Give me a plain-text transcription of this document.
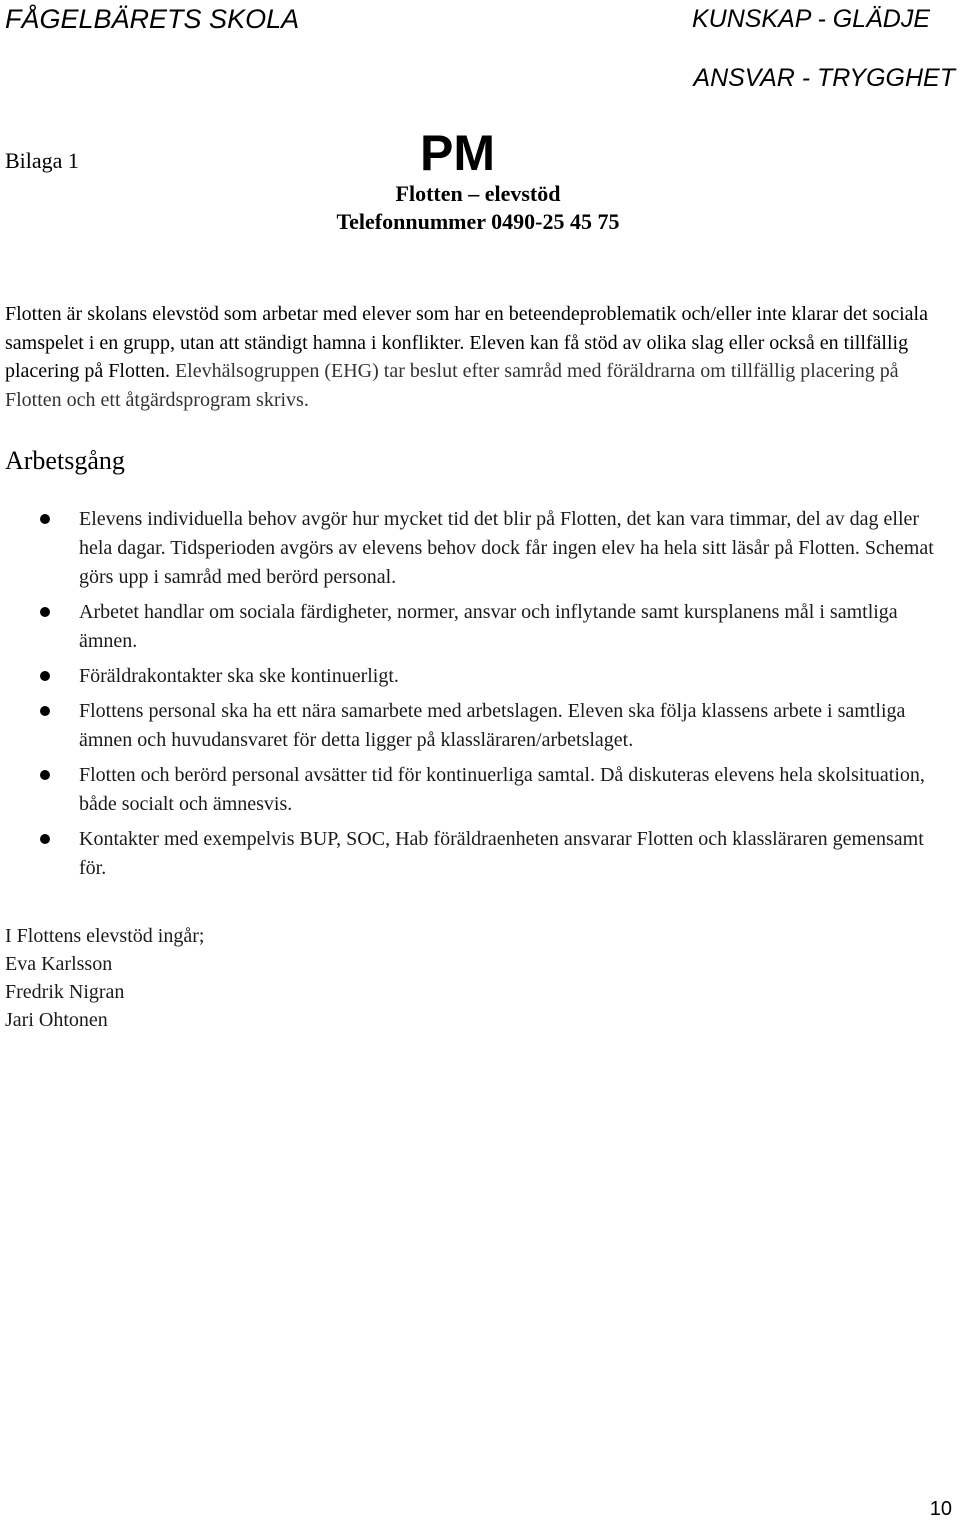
FÅGELBÄRETS SKOLA	KUNSKAP - GLÄDJE
ANSVAR - TRYGGHET
Bilaga 1	PM
Flotten – elevstöd
Telefonnummer 0490-25 45 75
Flotten är skolans elevstöd som arbetar med elever som har en beteendeproblematik och/eller inte klarar det sociala samspelet i en grupp, utan att ständigt hamna i konflikter. Eleven kan få stöd av olika slag eller också en tillfällig placering på Flotten. Elevhälsogruppen (EHG) tar beslut efter samråd med föräldrarna om tillfällig placering på Flotten och ett åtgärdsprogram skrivs.
Arbetsgång
Elevens individuella behov avgör hur mycket tid det blir på Flotten, det kan vara timmar, del av dag eller hela dagar. Tidsperioden avgörs av elevens behov dock får ingen elev ha hela sitt läsår på Flotten. Schemat görs upp i samråd med berörd personal.
Arbetet handlar om sociala färdigheter, normer, ansvar och inflytande samt kursplanens mål i samtliga ämnen.
Föräldrakontakter ska ske kontinuerligt.
Flottens personal ska ha ett nära samarbete med arbetslagen. Eleven ska följa klassens arbete i samtliga ämnen och huvudansvaret för detta ligger på klassläraren/arbetslaget.
Flotten och berörd personal avsätter tid för kontinuerliga samtal. Då diskuteras elevens hela skolsituation, både socialt och ämnesvis.
Kontakter med exempelvis BUP, SOC, Hab föräldraenheten ansvarar Flotten och klassläraren gemensamt för.
I Flottens elevstöd ingår;
Eva Karlsson
Fredrik Nigran
Jari Ohtonen
10
